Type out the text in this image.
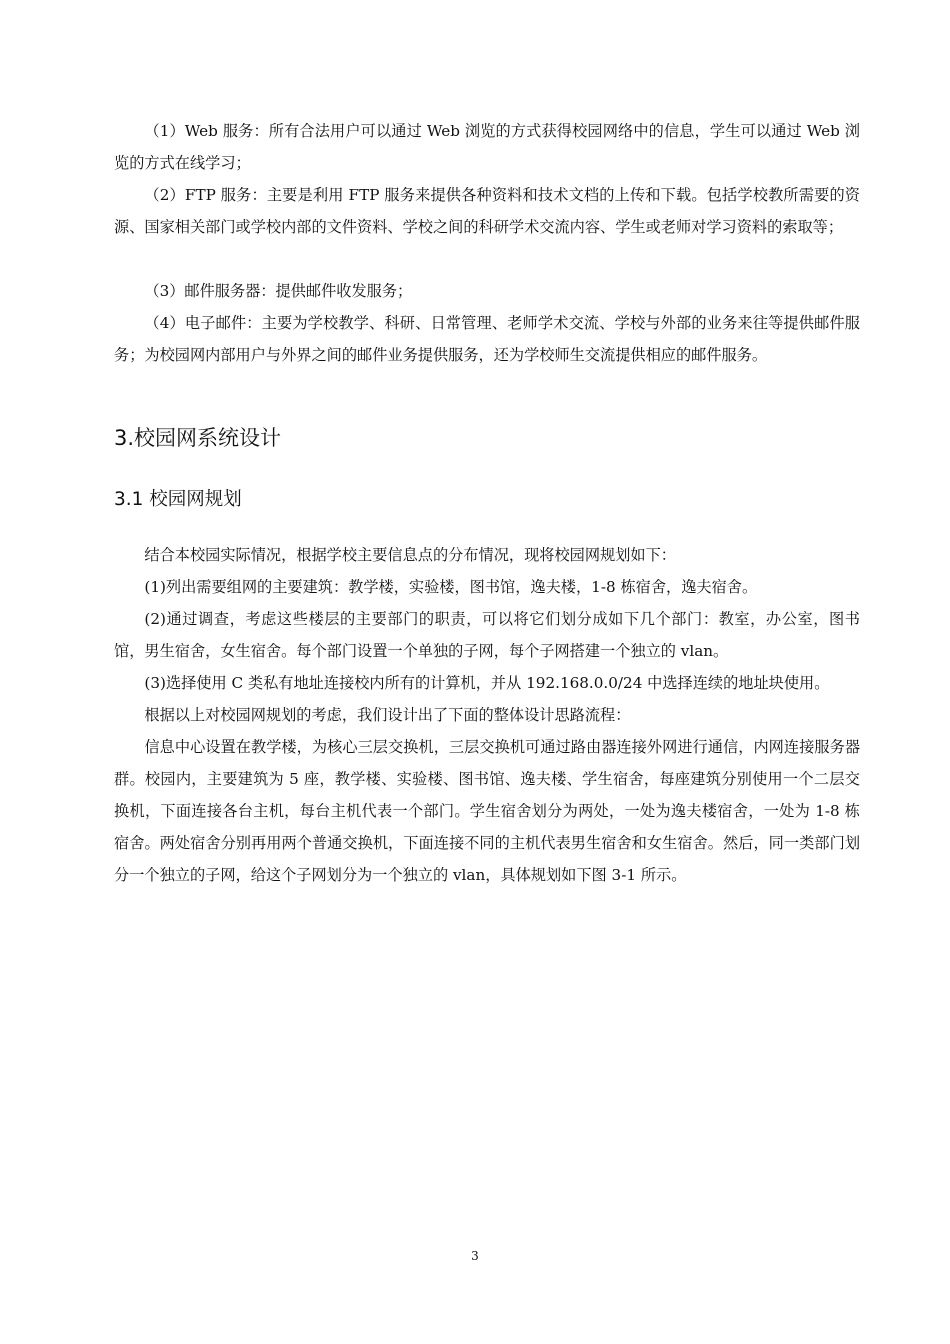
（1）Web 服务：所有合法用户可以通过 Web 浏览的方式获得校园网络中的信息，学生可以通过 Web 浏览的方式在线学习；

（2）FTP 服务：主要是利用 FTP 服务来提供各种资料和技术文档的上传和下载。包括学校教所需要的资源、国家相关部门或学校内部的文件资料、学校之间的科研学术交流内容、学生或老师对学习资料的索取等；

（3）邮件服务器：提供邮件收发服务；

（4）电子邮件：主要为学校教学、科研、日常管理、老师学术交流、学校与外部的业务来往等提供邮件服务；为校园网内部用户与外界之间的邮件业务提供服务，还为学校师生交流提供相应的邮件服务。

3.校园网系统设计
3.1 校园网规划

结合本校园实际情况，根据学校主要信息点的分布情况，现将校园网规划如下：

(1)列出需要组网的主要建筑：教学楼，实验楼，图书馆，逸夫楼，1-8 栋宿舍，逸夫宿舍。

(2)通过调查，考虑这些楼层的主要部门的职责，可以将它们划分成如下几个部门：教室，办公室，图书馆，男生宿舍，女生宿舍。每个部门设置一个单独的子网，每个子网搭建一个独立的 vlan。

(3)选择使用 C 类私有地址连接校内所有的计算机，并从 192.168.0.0/24 中选择连续的地址块使用。

根据以上对校园网规划的考虑，我们设计出了下面的整体设计思路流程：

信息中心设置在教学楼，为核心三层交换机，三层交换机可通过路由器连接外网进行通信，内网连接服务器群。校园内，主要建筑为 5 座，教学楼、实验楼、图书馆、逸夫楼、学生宿舍，每座建筑分别使用一个二层交换机，下面连接各台主机，每台主机代表一个部门。学生宿舍划分为两处，一处为逸夫楼宿舍，一处为 1-8 栋宿舍。两处宿舍分别再用两个普通交换机，下面连接不同的主机代表男生宿舍和女生宿舍。然后，同一类部门划分一个独立的子网，给这个子网划分为一个独立的 vlan，具体规划如下图 3-1 所示。

3
